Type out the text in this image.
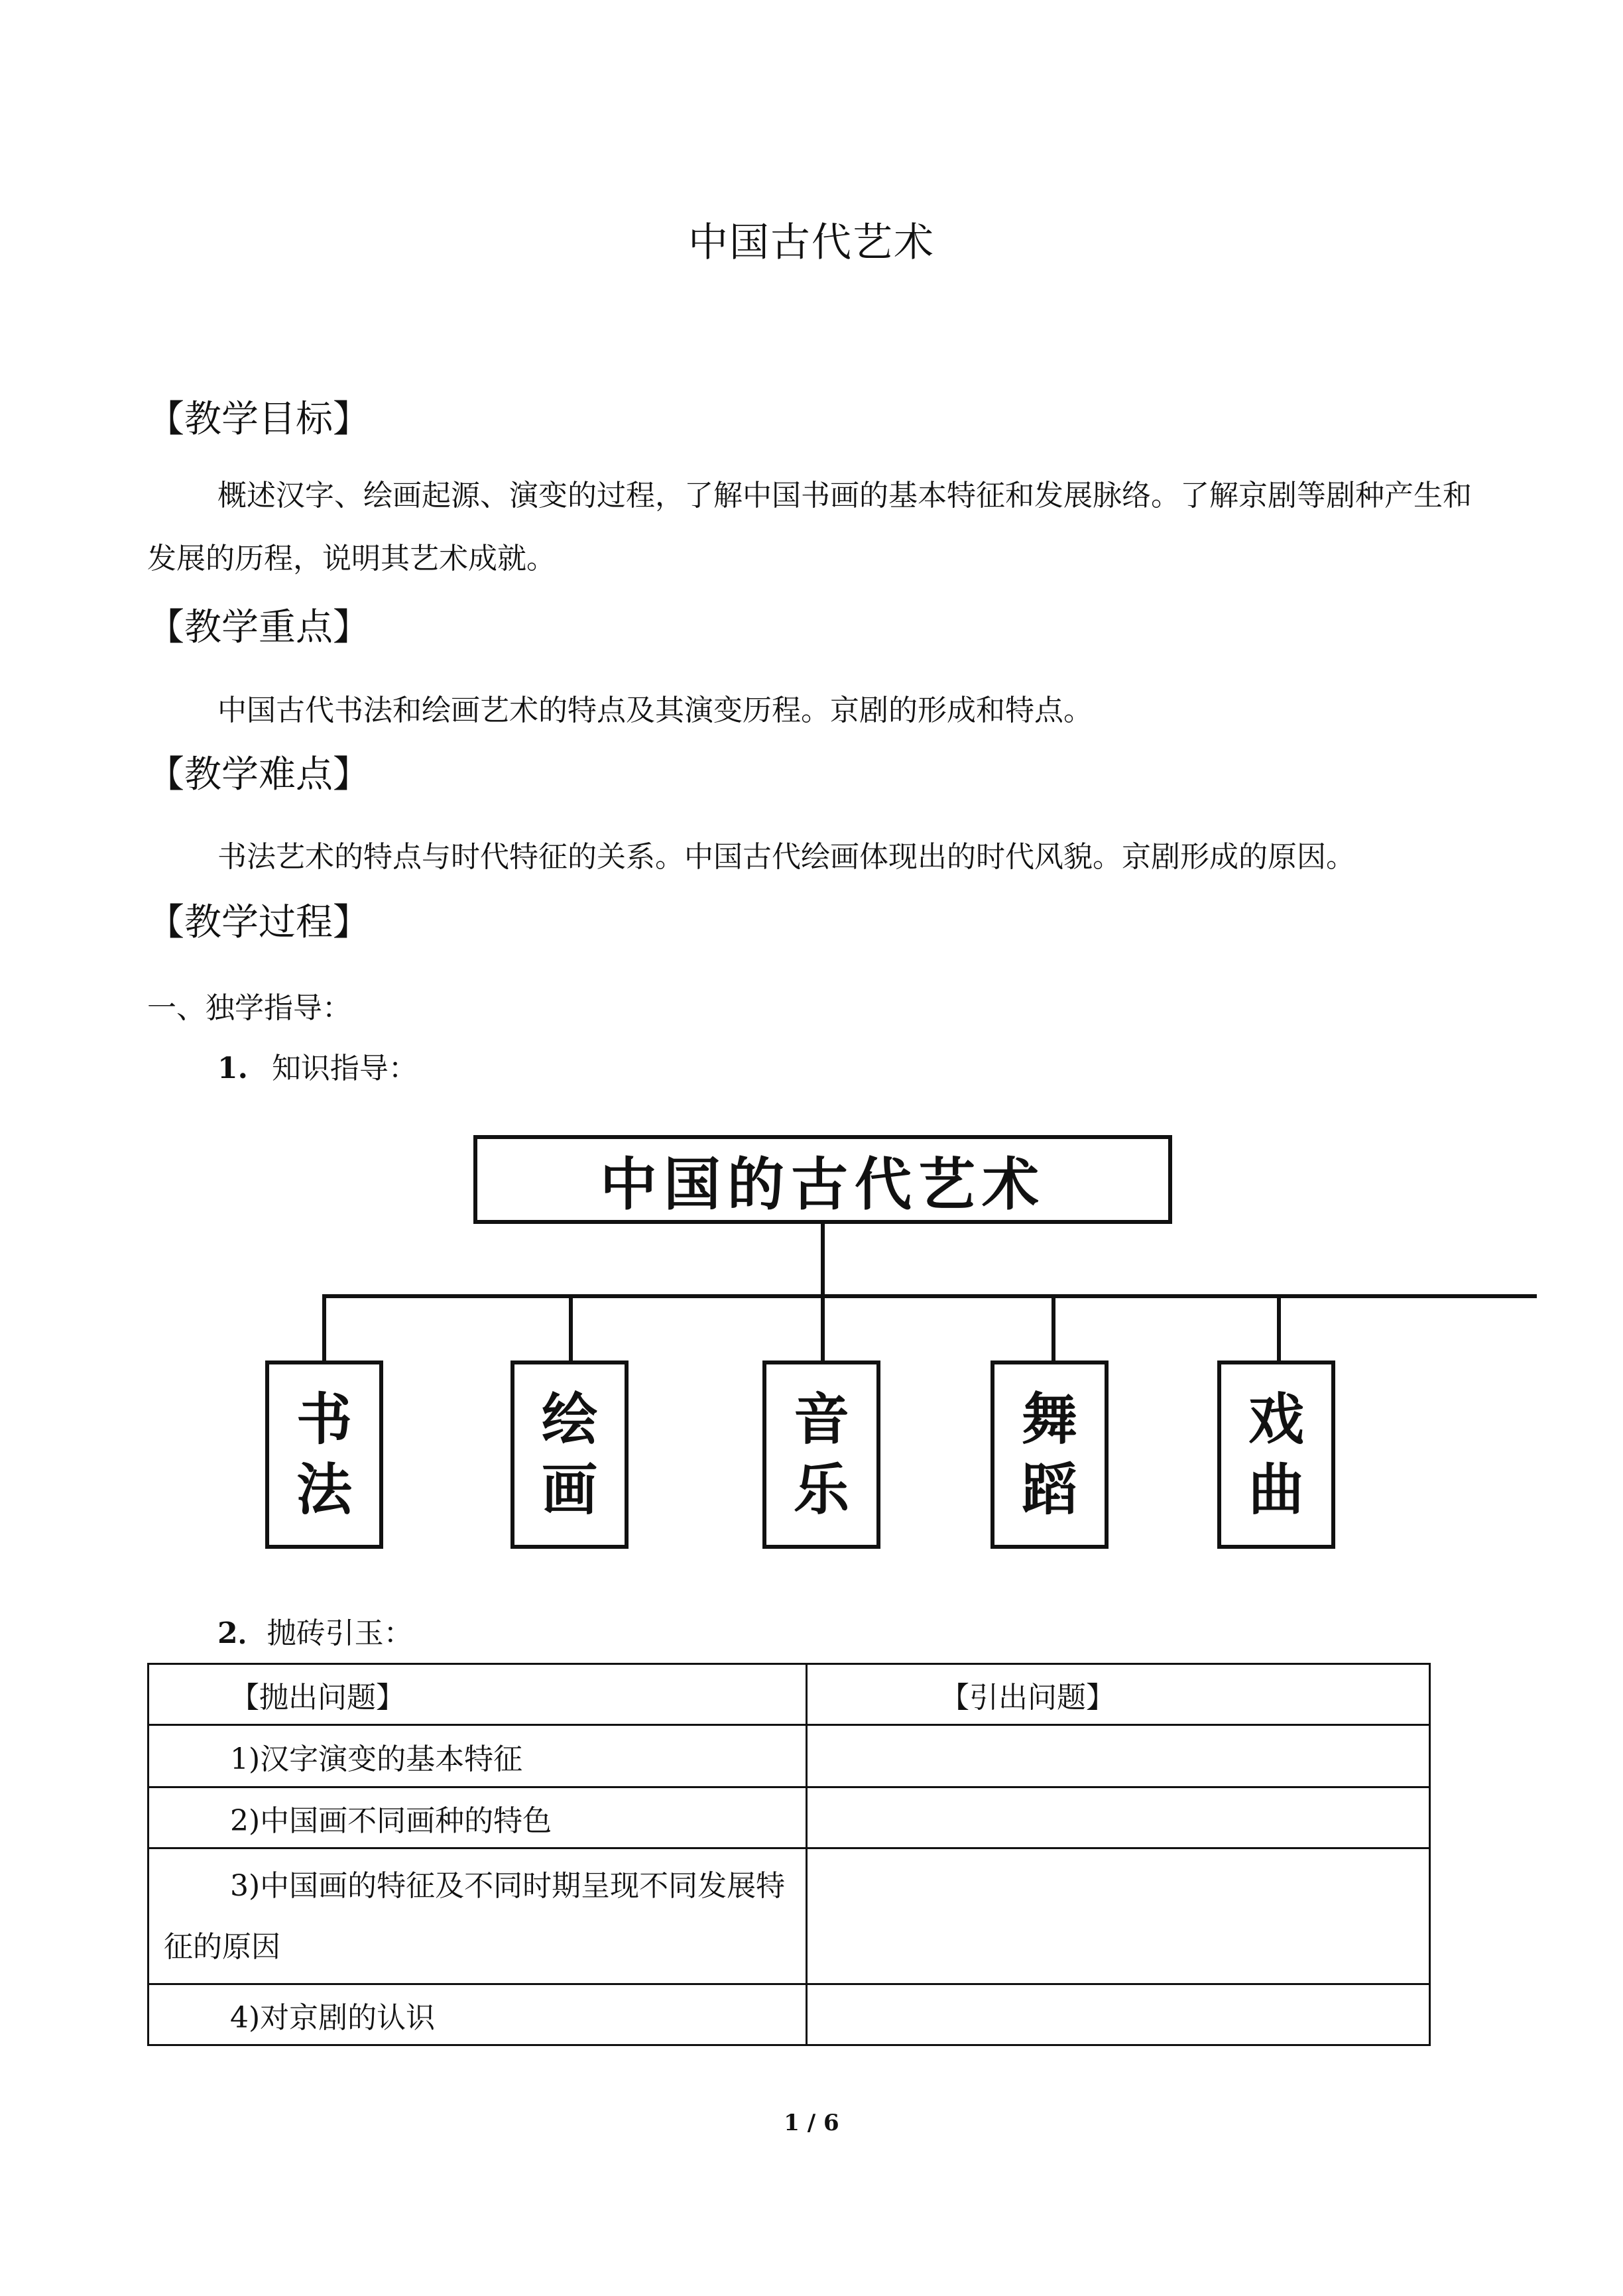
中国古代艺术
【教学目标】
概述汉字、绘画起源、演变的过程，了解中国书画的基本特征和发展脉络。了解京剧等剧种产生和发展的历程，说明其艺术成就。
【教学重点】
中国古代书法和绘画艺术的特点及其演变历程。京剧的形成和特点。
【教学难点】
书法艺术的特点与时代特征的关系。中国古代绘画体现出的时代风貌。京剧形成的原因。
【教学过程】
一、独学指导：
1. 知识指导：
中国的古代艺术
书
法
绘
画
音
乐
舞
蹈
戏
曲
2．抛砖引玉：
【抛出问题】	【引出问题】

1)汉字演变的基本特征	

2)中国画不同画种的特色	

3)中国画的特征及不同时期呈现不同发展特征的原因	

4)对京剧的认识	

1 / 6
